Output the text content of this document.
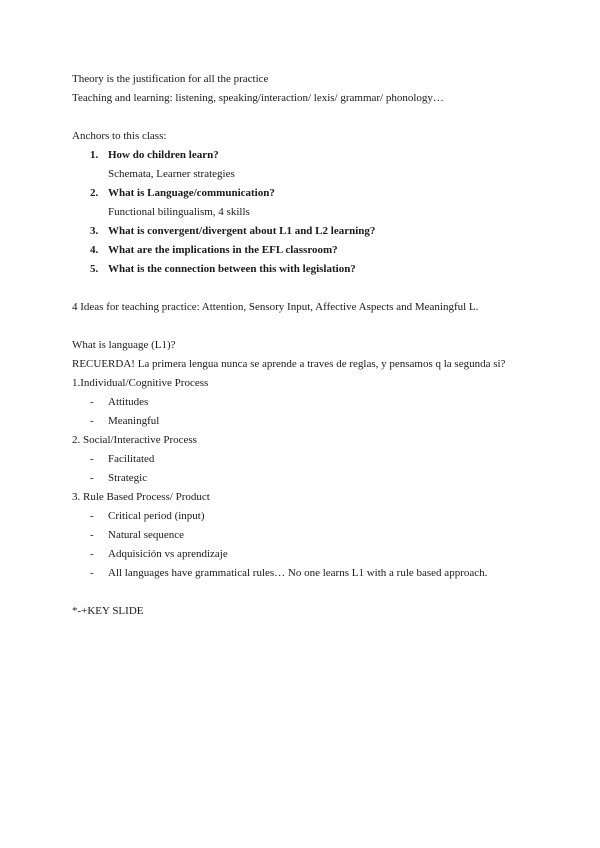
Theory is the justification for all the practice
Teaching and learning: listening, speaking/interaction/ lexis/ grammar/ phonology…
Anchors to this class:
1. How do children learn?
Schemata, Learner strategies
2. What is Language/communication?
Functional bilingualism, 4 skills
3. What is convergent/divergent about L1 and L2 learning?
4. What are the implications in the EFL classroom?
5. What is the connection between this with legislation?
4 Ideas for teaching practice: Attention, Sensory Input, Affective Aspects and Meaningful L.
What is language (L1)?
RECUERDA! La primera lengua nunca se aprende a traves de reglas, y pensamos q la segunda si?
1.Individual/Cognitive Process
- Attitudes
- Meaningful
2. Social/Interactive Process
- Facilitated
- Strategic
3. Rule Based Process/ Product
- Critical period (input)
- Natural sequence
- Adquisición vs aprendizaje
- All languages have grammatical rules… No one learns L1 with a rule based approach.
*-+KEY SLIDE
